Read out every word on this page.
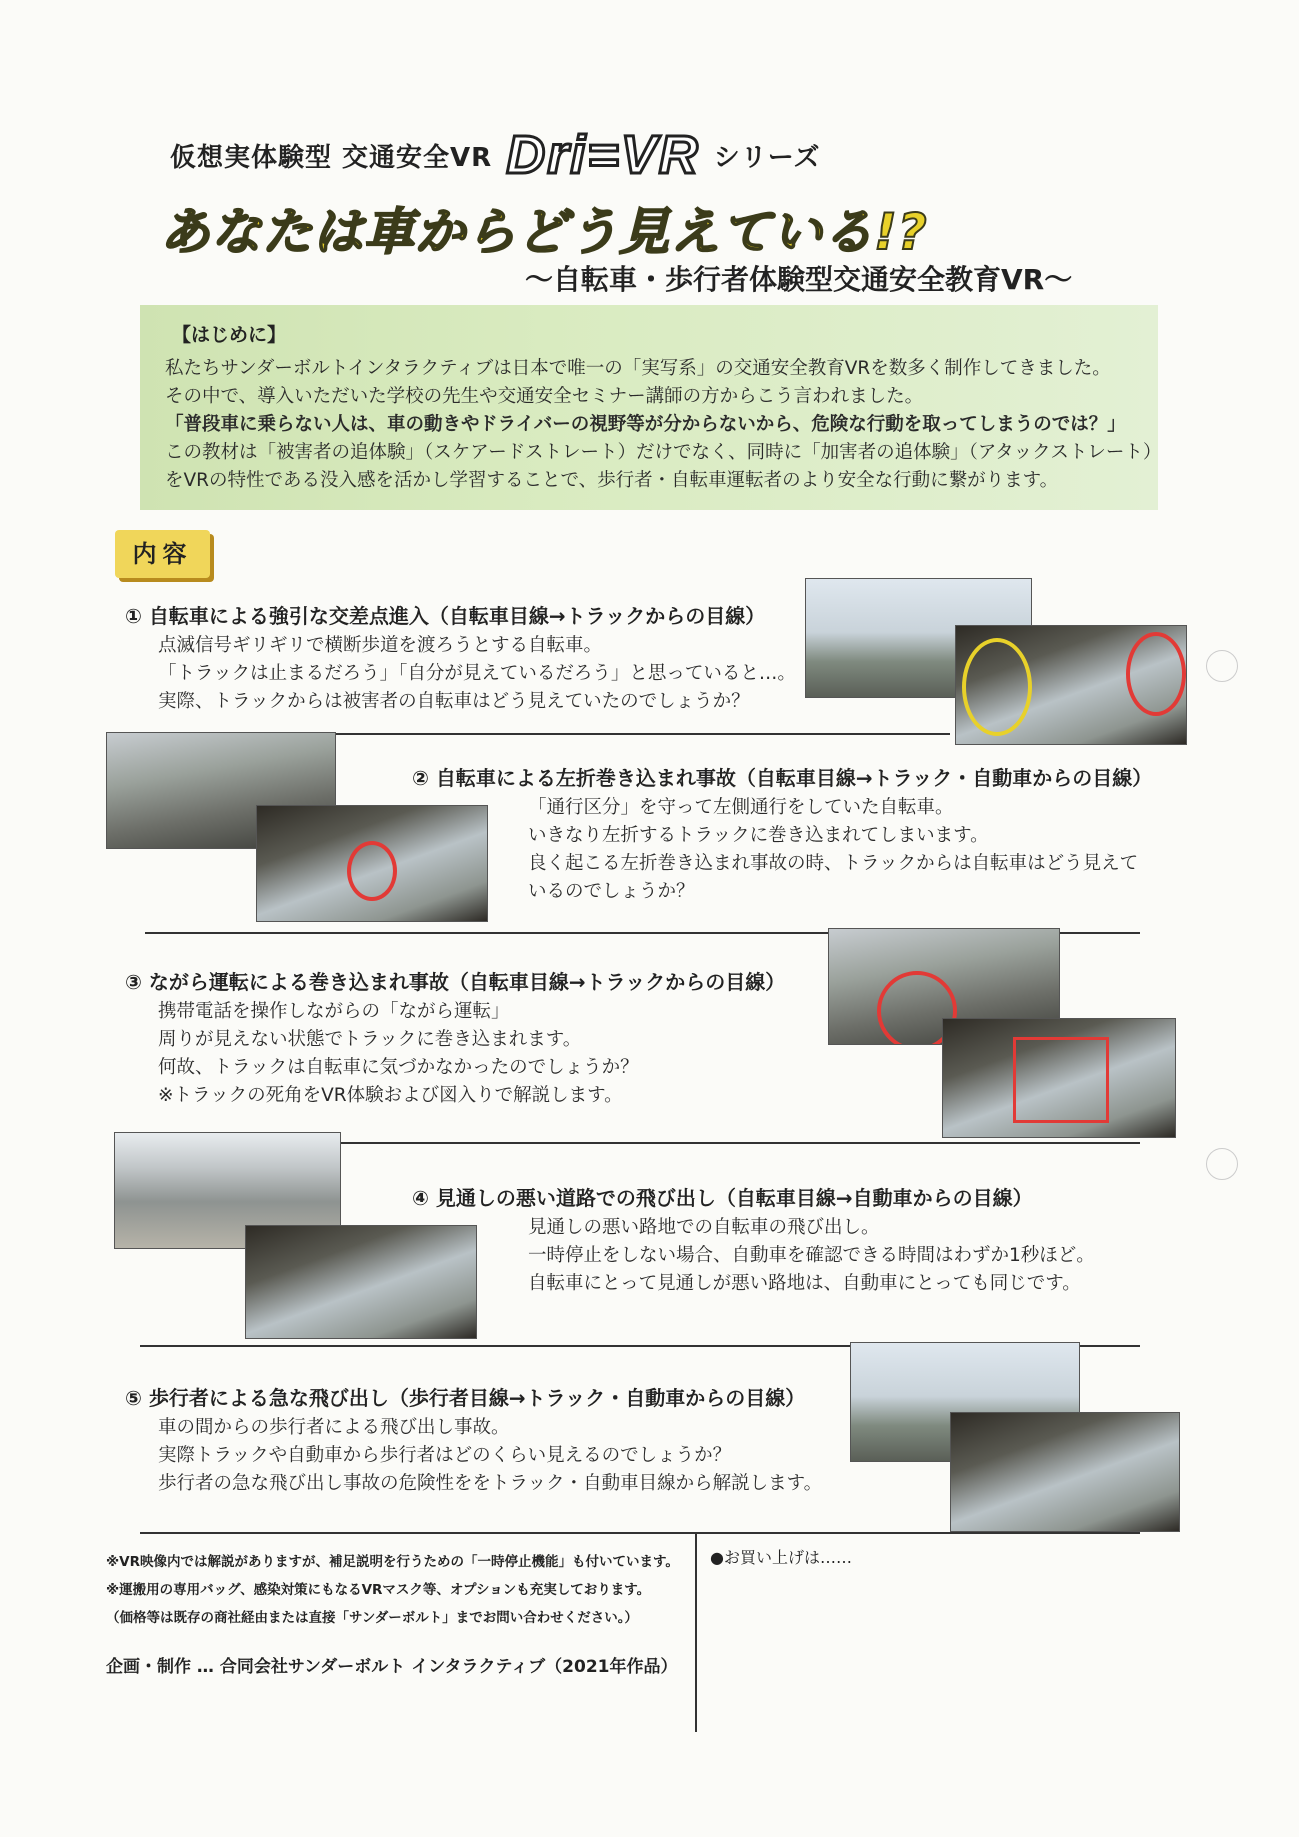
仮想実体験型 交通安全VR Dri=VR シリーズ
あなたは車からどう見えている!?
～自転車・歩行者体験型交通安全教育VR～
【はじめに】
私たちサンダーボルトインタラクティブは日本で唯一の「実写系」の交通安全教育VRを数多く制作してきました。
その中で、導入いただいた学校の先生や交通安全セミナー講師の方からこう言われました。
「普段車に乗らない人は、車の動きやドライバーの視野等が分からないから、危険な行動を取ってしまうのでは？」
この教材は「被害者の追体験」（スケアードストレート）だけでなく、同時に「加害者の追体験」（アタックストレート）
をVRの特性である没入感を活かし学習することで、歩行者・自転車運転者のより安全な行動に繋がります。
内容
① 自転車による強引な交差点進入（自転車目線→トラックからの目線）
点滅信号ギリギリで横断歩道を渡ろうとする自転車。
「トラックは止まるだろう」「自分が見えているだろう」と思っていると…。
実際、トラックからは被害者の自転車はどう見えていたのでしょうか？
② 自転車による左折巻き込まれ事故（自転車目線→トラック・自動車からの目線）
「通行区分」を守って左側通行をしていた自転車。
いきなり左折するトラックに巻き込まれてしまいます。
良く起こる左折巻き込まれ事故の時、トラックからは自転車はどう見えて
いるのでしょうか？
③ ながら運転による巻き込まれ事故（自転車目線→トラックからの目線）
携帯電話を操作しながらの「ながら運転」
周りが見えない状態でトラックに巻き込まれます。
何故、トラックは自転車に気づかなかったのでしょうか？
※トラックの死角をVR体験および図入りで解説します。
④ 見通しの悪い道路での飛び出し（自転車目線→自動車からの目線）
見通しの悪い路地での自転車の飛び出し。
一時停止をしない場合、自動車を確認できる時間はわずか1秒ほど。
自転車にとって見通しが悪い路地は、自動車にとっても同じです。
⑤ 歩行者による急な飛び出し（歩行者目線→トラック・自動車からの目線）
車の間からの歩行者による飛び出し事故。
実際トラックや自動車から歩行者はどのくらい見えるのでしょうか？
歩行者の急な飛び出し事故の危険性ををトラック・自動車目線から解説します。
※VR映像内では解説がありますが、補足説明を行うための「一時停止機能」も付いています。
※運搬用の専用バッグ、感染対策にもなるVRマスク等、オプションも充実しております。
（価格等は既存の商社経由または直接「サンダーボルト」までお問い合わせください。）
企画・制作 … 合同会社サンダーボルト インタラクティブ（2021年作品）
●お買い上げは……
